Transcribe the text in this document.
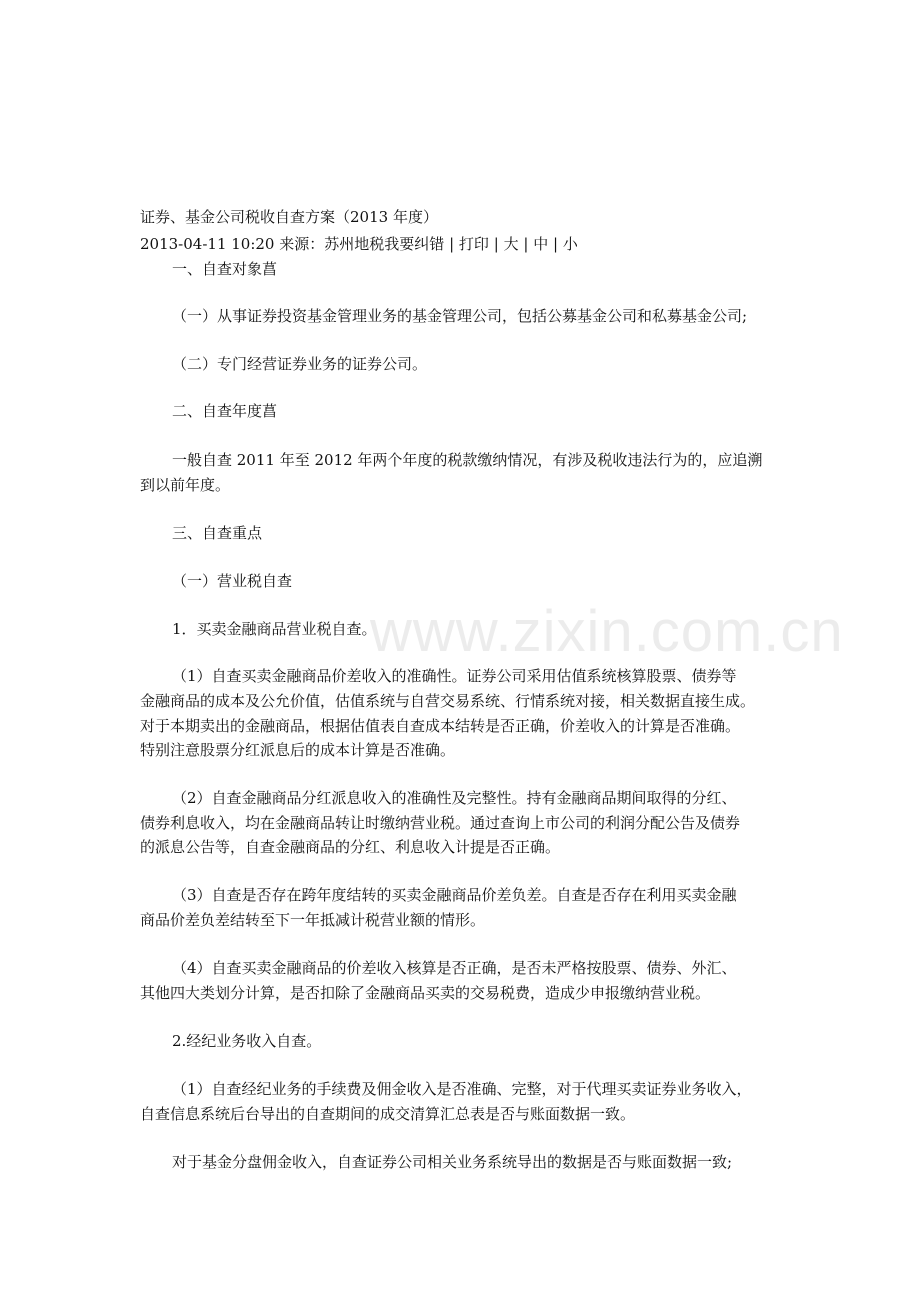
www.zixin.com.cn
证券、基金公司税收自查方案（2013 年度）
2013-04-11 10:20 来源：苏州地税我要纠错 | 打印 | 大 | 中 | 小
一、自查对象菖
（一）从事证券投资基金管理业务的基金管理公司，包括公募基金公司和私募基金公司;
（二）专门经营证券业务的证券公司。
二、自查年度菖
一般自查 2011 年至 2012 年两个年度的税款缴纳情况，有涉及税收违法行为的，应追溯
到以前年度。
三、自查重点
（一）营业税自查
1．买卖金融商品营业税自查。
（1）自查买卖金融商品价差收入的准确性。证券公司采用估值系统核算股票、债券等
金融商品的成本及公允价值，估值系统与自营交易系统、行情系统对接，相关数据直接生成。
对于本期卖出的金融商品，根据估值表自查成本结转是否正确，价差收入的计算是否准确。
特别注意股票分红派息后的成本计算是否准确。
（2）自查金融商品分红派息收入的准确性及完整性。持有金融商品期间取得的分红、
债券利息收入，均在金融商品转让时缴纳营业税。通过查询上市公司的利润分配公告及债券
的派息公告等，自查金融商品的分红、利息收入计提是否正确。
（3）自查是否存在跨年度结转的买卖金融商品价差负差。自查是否存在利用买卖金融
商品价差负差结转至下一年抵减计税营业额的情形。
（4）自查买卖金融商品的价差收入核算是否正确，是否未严格按股票、债券、外汇、
其他四大类划分计算，是否扣除了金融商品买卖的交易税费，造成少申报缴纳营业税。
2.经纪业务收入自查。
（1）自查经纪业务的手续费及佣金收入是否准确、完整，对于代理买卖证券业务收入，
自查信息系统后台导出的自查期间的成交清算汇总表是否与账面数据一致。
对于基金分盘佣金收入，自查证券公司相关业务系统导出的数据是否与账面数据一致;
